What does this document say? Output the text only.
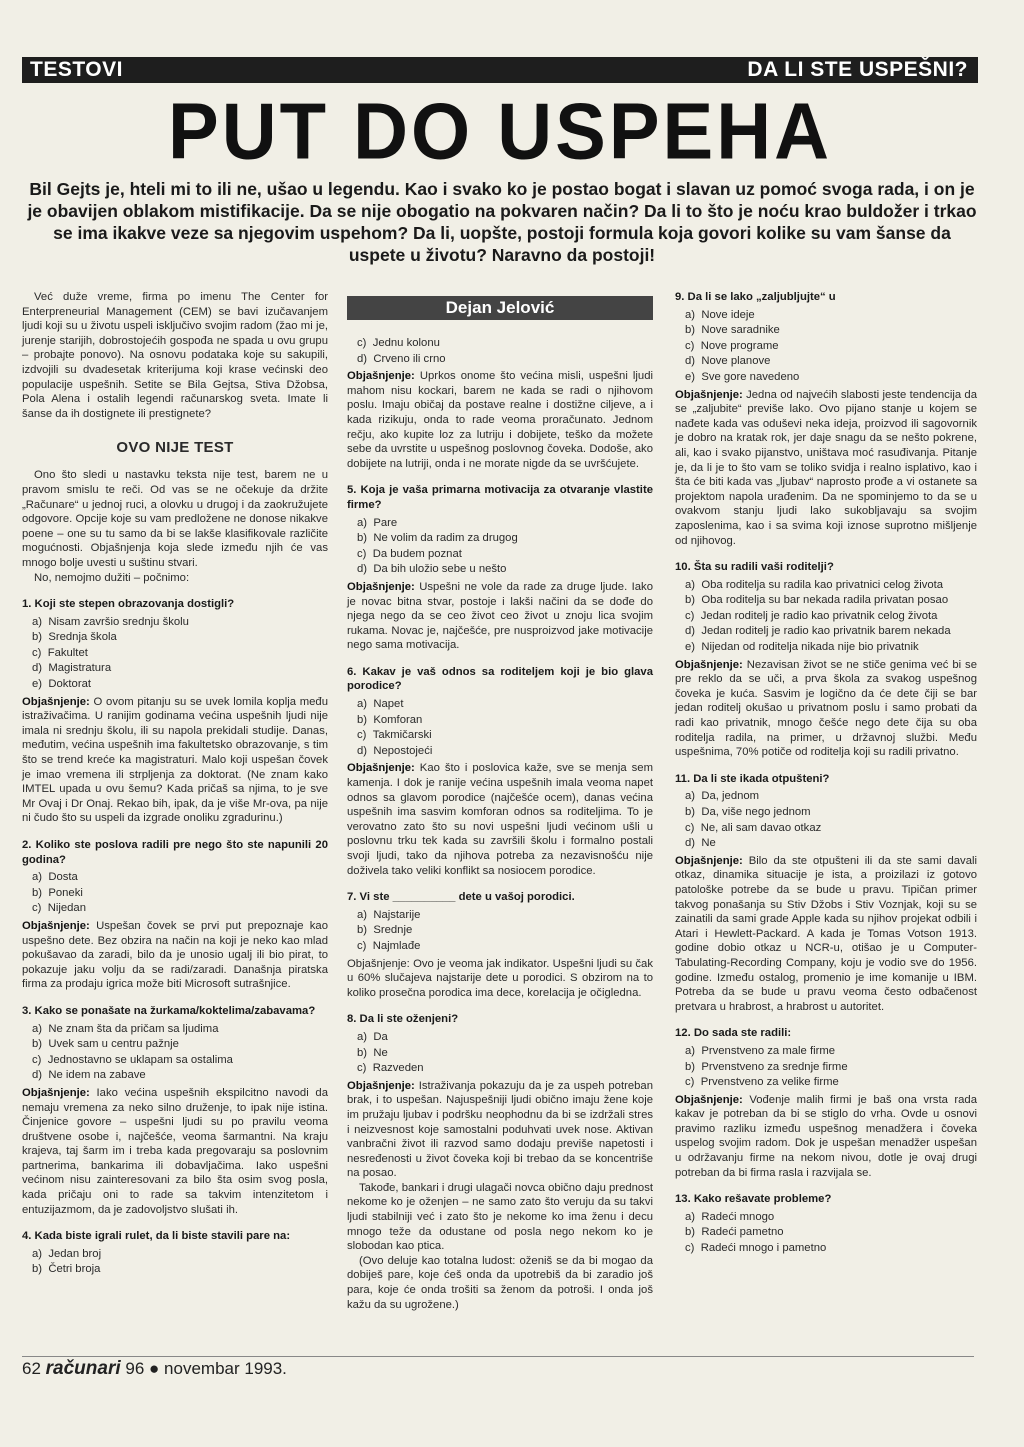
TESTOVI	DA LI STE USPEŠNI?
PUT DO USPEHA
Bil Gejts je, hteli mi to ili ne, ušao u legendu. Kao i svako ko je postao bogat i slavan uz pomoć svoga rada, i on je je obavijen oblakom mistifikacije. Da se nije obogatio na pokvaren način? Da li to što je noću krao buldožer i trkao se ima ikakve veze sa njegovim uspehom? Da li, uopšte, postoji formula koja govori kolike su vam šanse da uspete u životu? Naravno da postoji!

Već duže vreme, firma po imenu The Center for Enterpreneurial Management (CEM) se bavi izučavanjem ljudi koji su u životu uspeli isključivo svojim radom (žao mi je, jurenje starijih, dobrostojećih gospođa ne spada u ovu grupu – probajte ponovo). Na osnovu podataka koje su sakupili, izdvojili su dvadesetak kriterijuma koji krase većinski deo populacije uspešnih. Setite se Bila Gejtsa, Stiva Džobsa, Pola Alena i ostalih legendi računarskog sveta. Imate li šanse da ih dostignete ili prestignete?

OVO NIJE TEST

Ono što sledi u nastavku teksta nije test, barem ne u pravom smislu te reči. Od vas se ne očekuje da držite „Računare“ u jednoj ruci, a olovku u drugoj i da zaokružujete odgovore. Opcije koje su vam predložene ne donose nikakve poene – one su tu samo da bi se lakše klasifikovale različite mogućnosti. Objašnjenja koja slede između njih će vas mnogo bolje uvesti u suštinu stvari.

No, nemojmo dužiti – počnimo:

1. Koji ste stepen obrazovanja dostigli?

a)  Nisam završio srednju školu
b)  Srednja škola
c)  Fakultet
d)  Magistratura
e)  Doktorat

Objašnjenje: O ovom pitanju su se uvek lomila koplja među istraživačima. U ranijim godinama većina uspešnih ljudi nije imala ni srednju školu, ili su napola prekidali studije. Danas, međutim, većina uspešnih ima fakultetsko obrazovanje, s tim što se trend kreće ka magistraturi. Malo koji uspešan čovek je imao vremena ili strpljenja za doktorat. (Ne znam kako IMTEL upada u ovu šemu? Kada pričaš sa njima, to je sve Mr Ovaj i Dr Onaj. Rekao bih, ipak, da je više Mr-ova, pa nije ni čudo što su uspeli da izgrade onoliku zgradurinu.)

2. Koliko ste poslova radili pre nego što ste napunili 20 godina?

a)  Dosta
b)  Poneki
c)  Nijedan

Objašnjenje: Uspešan čovek se prvi put prepoznaje kao uspešno dete. Bez obzira na način na koji je neko kao mlad pokušavao da zaradi, bilo da je unosio ugalj ili bio pirat, to pokazuje jaku volju da se radi/zaradi. Današnja piratska firma za prodaju igrica može biti Microsoft sutrašnjice.

3. Kako se ponašate na žurkama/koktelima/zabavama?

a)  Ne znam šta da pričam sa ljudima
b)  Uvek sam u centru pažnje
c)  Jednostavno se uklapam sa ostalima
d)  Ne idem na zabave

Objašnjenje: Iako većina uspešnih ekspilcitno navodi da nemaju vremena za neko silno druženje, to ipak nije istina. Činjenice govore – uspešni ljudi su po pravilu veoma društvene osobe i, najčešće, veoma šarmantni. Na kraju krajeva, taj šarm im i treba kada pregovaraju sa poslovnim partnerima, bankarima ili dobavljačima. Iako uspešni većinom nisu zainteresovani za bilo šta osim svog posla, kada pričaju oni to rade sa takvim intenzitetom i entuzijazmom, da je zadovoljstvo slušati ih.

4. Kada biste igrali rulet, da li biste stavili pare na:

a)  Jedan broj
b)  Četri broja
Dejan Jelović
c)  Jednu kolonu
d)  Crveno ili crno

Objašnjenje: Uprkos onome što većina misli, uspešni ljudi mahom nisu kockari, barem ne kada se radi o njihovom poslu. Imaju običaj da postave realne i dostižne ciljeve, a i kada rizikuju, onda to rade veoma proračunato. Jednom rečju, ako kupite loz za lutriju i dobijete, teško da možete sebe da uvrstite u uspešnog poslovnog čoveka. Dodoše, ako dobijete na lutriji, onda i ne morate nigde da se uvršćujete.

5. Koja je vaša primarna motivacija za otvaranje vlastite firme?

a)  Pare
b)  Ne volim da radim za drugog
c)  Da budem poznat
d)  Da bih uložio sebe u nešto

Objašnjenje: Uspešni ne vole da rade za druge ljude. Iako je novac bitna stvar, postoje i lakši načini da se dođe do njega nego da se ceo život ceo život u znoju lica svojim rukama. Novac je, najčešće, pre nusproizvod jake motivacije nego sama motivacija.

6. Kakav je vaš odnos sa roditeljem koji je bio glava porodice?

a)  Napet
b)  Komforan
c)  Takmičarski
d)  Nepostojeći

Objašnjenje: Kao što i poslovica kaže, sve se menja sem kamenja. I dok je ranije većina uspešnih imala veoma napet odnos sa glavom porodice (najčešće ocem), danas većina uspešnih ima sasvim komforan odnos sa roditeljima. To je verovatno zato što su novi uspešni ljudi većinom ušli u poslovnu trku tek kada su završili školu i formalno postali svoji ljudi, tako da njihova potreba za nezavisnošću nije doživela tako veliki konflikt sa nosiocem porodice.

7. Vi ste __________ dete u vašoj porodici.

a)  Najstarije
b)  Srednje
c)  Najmlađe

Objašnjenje: Ovo je veoma jak indikator. Uspešni ljudi su čak u 60% slučajeva najstarije dete u porodici. S obzirom na to koliko prosečna porodica ima dece, korelacija je očigledna.

8. Da li ste oženjeni?

a)  Da
b)  Ne
c)  Razveden

Objašnjenje: Istraživanja pokazuju da je za uspeh potreban brak, i to uspešan. Najuspešniji ljudi obično imaju žene koje im pružaju ljubav i podršku neophodnu da bi se izdržali stres i neizvesnost koje samostalni poduhvati uvek nose. Aktivan vanbračni život ili razvod samo dodaju previše napetosti i nesređenosti u život čoveka koji bi trebao da se koncentriše na posao.

Takođe, bankari i drugi ulagači novca obično daju prednost nekome ko je oženjen – ne samo zato što veruju da su takvi ljudi stabilniji već i zato što je nekome ko ima ženu i decu mnogo teže da odustane od posla nego nekom ko je slobodan kao ptica.

(Ovo deluje kao totalna ludost: oženiš se da bi mogao da dobiješ pare, koje ćeš onda da upotrebiš da bi zaradio još para, koje će onda trošiti sa ženom da potroši. I onda još kažu da su ugrožene.)

9. Da li se lako „zaljubljujte“ u

a)  Nove ideje
b)  Nove saradnike
c)  Nove programe
d)  Nove planove
e)  Sve gore navedeno

Objašnjenje: Jedna od najvećih slabosti jeste tendencija da se „zaljubite“ previše lako. Ovo pijano stanje u kojem se nađete kada vas oduševi neka ideja, proizvod ili sagovornik je dobro na kratak rok, jer daje snagu da se nešto pokrene, ali, kao i svako pijanstvo, uništava moć rasuđivanja. Pitanje je, da li je to što vam se toliko svidja i realno isplativo, kao i šta će biti kada vas „ljubav“ naprosto prođe a vi ostanete sa projektom napola urađenim. Da ne spominjemo to da se u ovakvom stanju ljudi lako sukobljavaju sa svojim zaposlenima, kao i sa svima koji iznose suprotno mišljenje od njihovog.

10. Šta su radili vaši roditelji?

a)  Oba roditelja su radila kao privatnici celog života
b)  Oba roditelja su bar nekada radila privatan posao
c)  Jedan roditelj je radio kao privatnik celog života
d)  Jedan roditelj je radio kao privatnik barem nekada
e)  Nijedan od roditelja nikada nije bio privatnik

Objašnjenje: Nezavisan život se ne stiče genima već bi se pre reklo da se uči, a prva škola za svakog uspešnog čoveka je kuća. Sasvim je logično da će dete čiji se bar jedan roditelj okušao u privatnom poslu i samo probati da radi kao privatnik, mnogo češće nego dete čija su oba roditelja radila, na primer, u državnoj službi. Među uspešnima, 70% potiče od roditelja koji su radili privatno.

11. Da li ste ikada otpušteni?

a)  Da, jednom
b)  Da, više nego jednom
c)  Ne, ali sam davao otkaz
d)  Ne

Objašnjenje: Bilo da ste otpušteni ili da ste sami davali otkaz, dinamika situacije je ista, a proizilazi iz gotovo patološke potrebe da se bude u pravu. Tipičan primer takvog ponašanja su Stiv Džobs i Stiv Voznjak, koji su se zainatili da sami grade Apple kada su njihov projekat odbili i Atari i Hewlett-Packard. A kada je Tomas Votson 1913. godine dobio otkaz u NCR-u, otišao je u Computer-Tabulating-Recording Company, koju je vodio sve do 1956. godine. Između ostalog, promenio je ime komanije u IBM. Potreba da se bude u pravu veoma često odbačenost pretvara u hrabrost, a hrabrost u autoritet.

12. Do sada ste radili:

a)  Prvenstveno za male firme
b)  Prvenstveno za srednje firme
c)  Prvenstveno za velike firme

Objašnjenje: Vođenje malih firmi je baš ona vrsta rada kakav je potreban da bi se stiglo do vrha. Ovde u osnovi pravimo razliku između uspešnog menadžera i čoveka uspelog svojim radom. Dok je uspešan menadžer uspešan u održavanju firme na nekom nivou, dotle je ovaj drugi potreban da bi firma rasla i razvijala se.

13. Kako rešavate probleme?

a)  Radeći mnogo
b)  Radeći pametno
c)  Radeći mnogo i pametno
62 računari 96 ● novembar 1993.
